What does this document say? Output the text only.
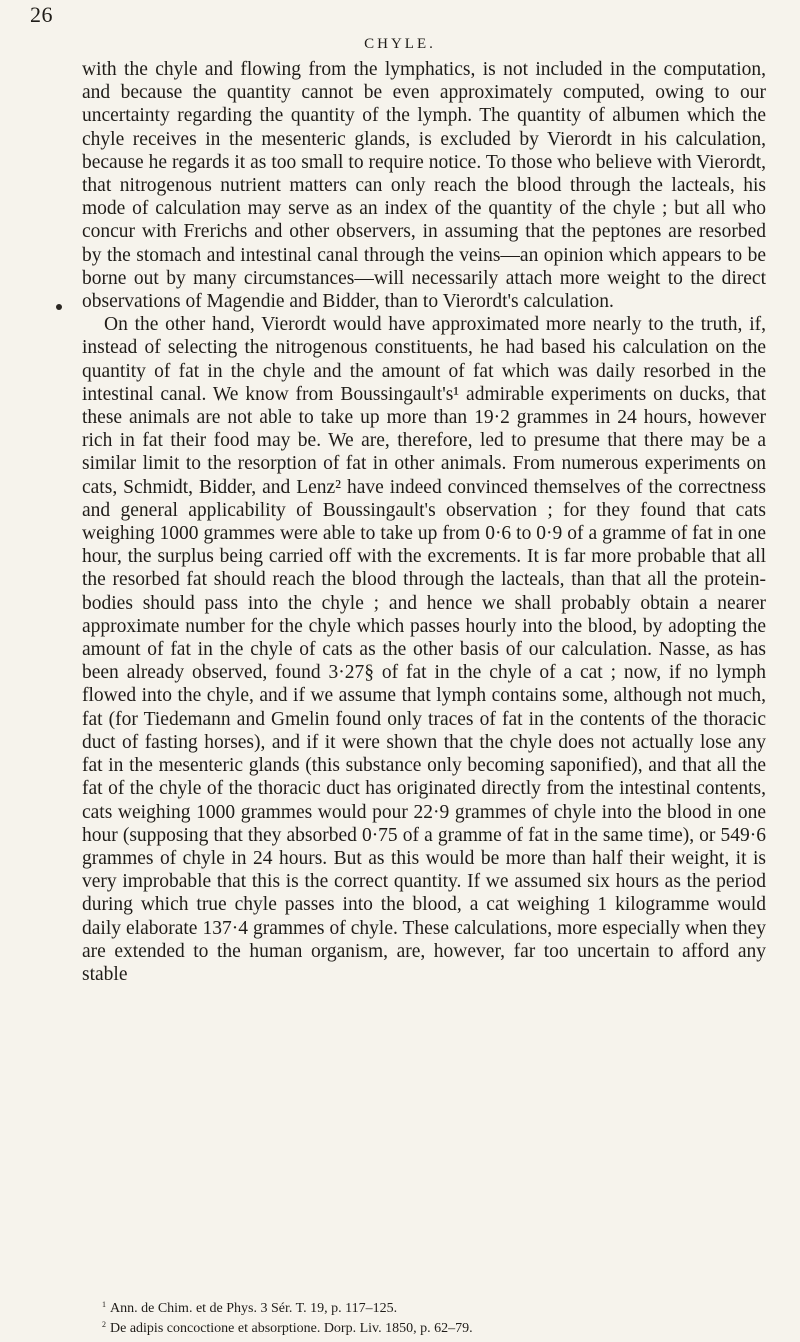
26
CHYLE.

with the chyle and flowing from the lymphatics, is not included in the computation, and because the quantity cannot be even approximately computed, owing to our uncertainty regarding the quantity of the lymph. The quantity of albumen which the chyle receives in the mesenteric glands, is excluded by Vierordt in his calculation, because he regards it as too small to require notice. To those who believe with Vierordt, that nitrogenous nutrient matters can only reach the blood through the lacteals, his mode of calculation may serve as an index of the quantity of the chyle ; but all who concur with Frerichs and other observers, in assuming that the peptones are resorbed by the stomach and intestinal canal through the veins—an opinion which appears to be borne out by many circumstances—will necessarily attach more weight to the direct observations of Magendie and Bidder, than to Vierordt's calculation.

On the other hand, Vierordt would have approximated more nearly to the truth, if, instead of selecting the nitrogenous constituents, he had based his calculation on the quantity of fat in the chyle and the amount of fat which was daily resorbed in the intestinal canal. We know from Boussingault's¹ admirable experiments on ducks, that these animals are not able to take up more than 19·2 grammes in 24 hours, however rich in fat their food may be. We are, therefore, led to presume that there may be a similar limit to the resorption of fat in other animals. From numerous experiments on cats, Schmidt, Bidder, and Lenz² have indeed convinced themselves of the correctness and general applicability of Boussingault's observation ; for they found that cats weighing 1000 grammes were able to take up from 0·6 to 0·9 of a gramme of fat in one hour, the surplus being carried off with the excrements. It is far more probable that all the resorbed fat should reach the blood through the lacteals, than that all the protein-bodies should pass into the chyle ; and hence we shall probably obtain a nearer approximate number for the chyle which passes hourly into the blood, by adopting the amount of fat in the chyle of cats as the other basis of our calculation. Nasse, as has been already observed, found 3·27§ of fat in the chyle of a cat ; now, if no lymph flowed into the chyle, and if we assume that lymph contains some, although not much, fat (for Tiedemann and Gmelin found only traces of fat in the contents of the thoracic duct of fasting horses), and if it were shown that the chyle does not actually lose any fat in the mesenteric glands (this substance only becoming saponified), and that all the fat of the chyle of the thoracic duct has originated directly from the intestinal contents, cats weighing 1000 grammes would pour 22·9 grammes of chyle into the blood in one hour (supposing that they absorbed 0·75 of a gramme of fat in the same time), or 549·6 grammes of chyle in 24 hours. But as this would be more than half their weight, it is very improbable that this is the correct quantity. If we assumed six hours as the period during which true chyle passes into the blood, a cat weighing 1 kilogramme would daily elaborate 137·4 grammes of chyle. These calculations, more especially when they are extended to the human organism, are, however, far too uncertain to afford any stable

$^1$ Ann. de Chim. et de Phys. 3 Sér. T. 19, p. 117–125.

$^2$ De adipis concoctione et absorptione. Dorp. Liv. 1850, p. 62–79.
